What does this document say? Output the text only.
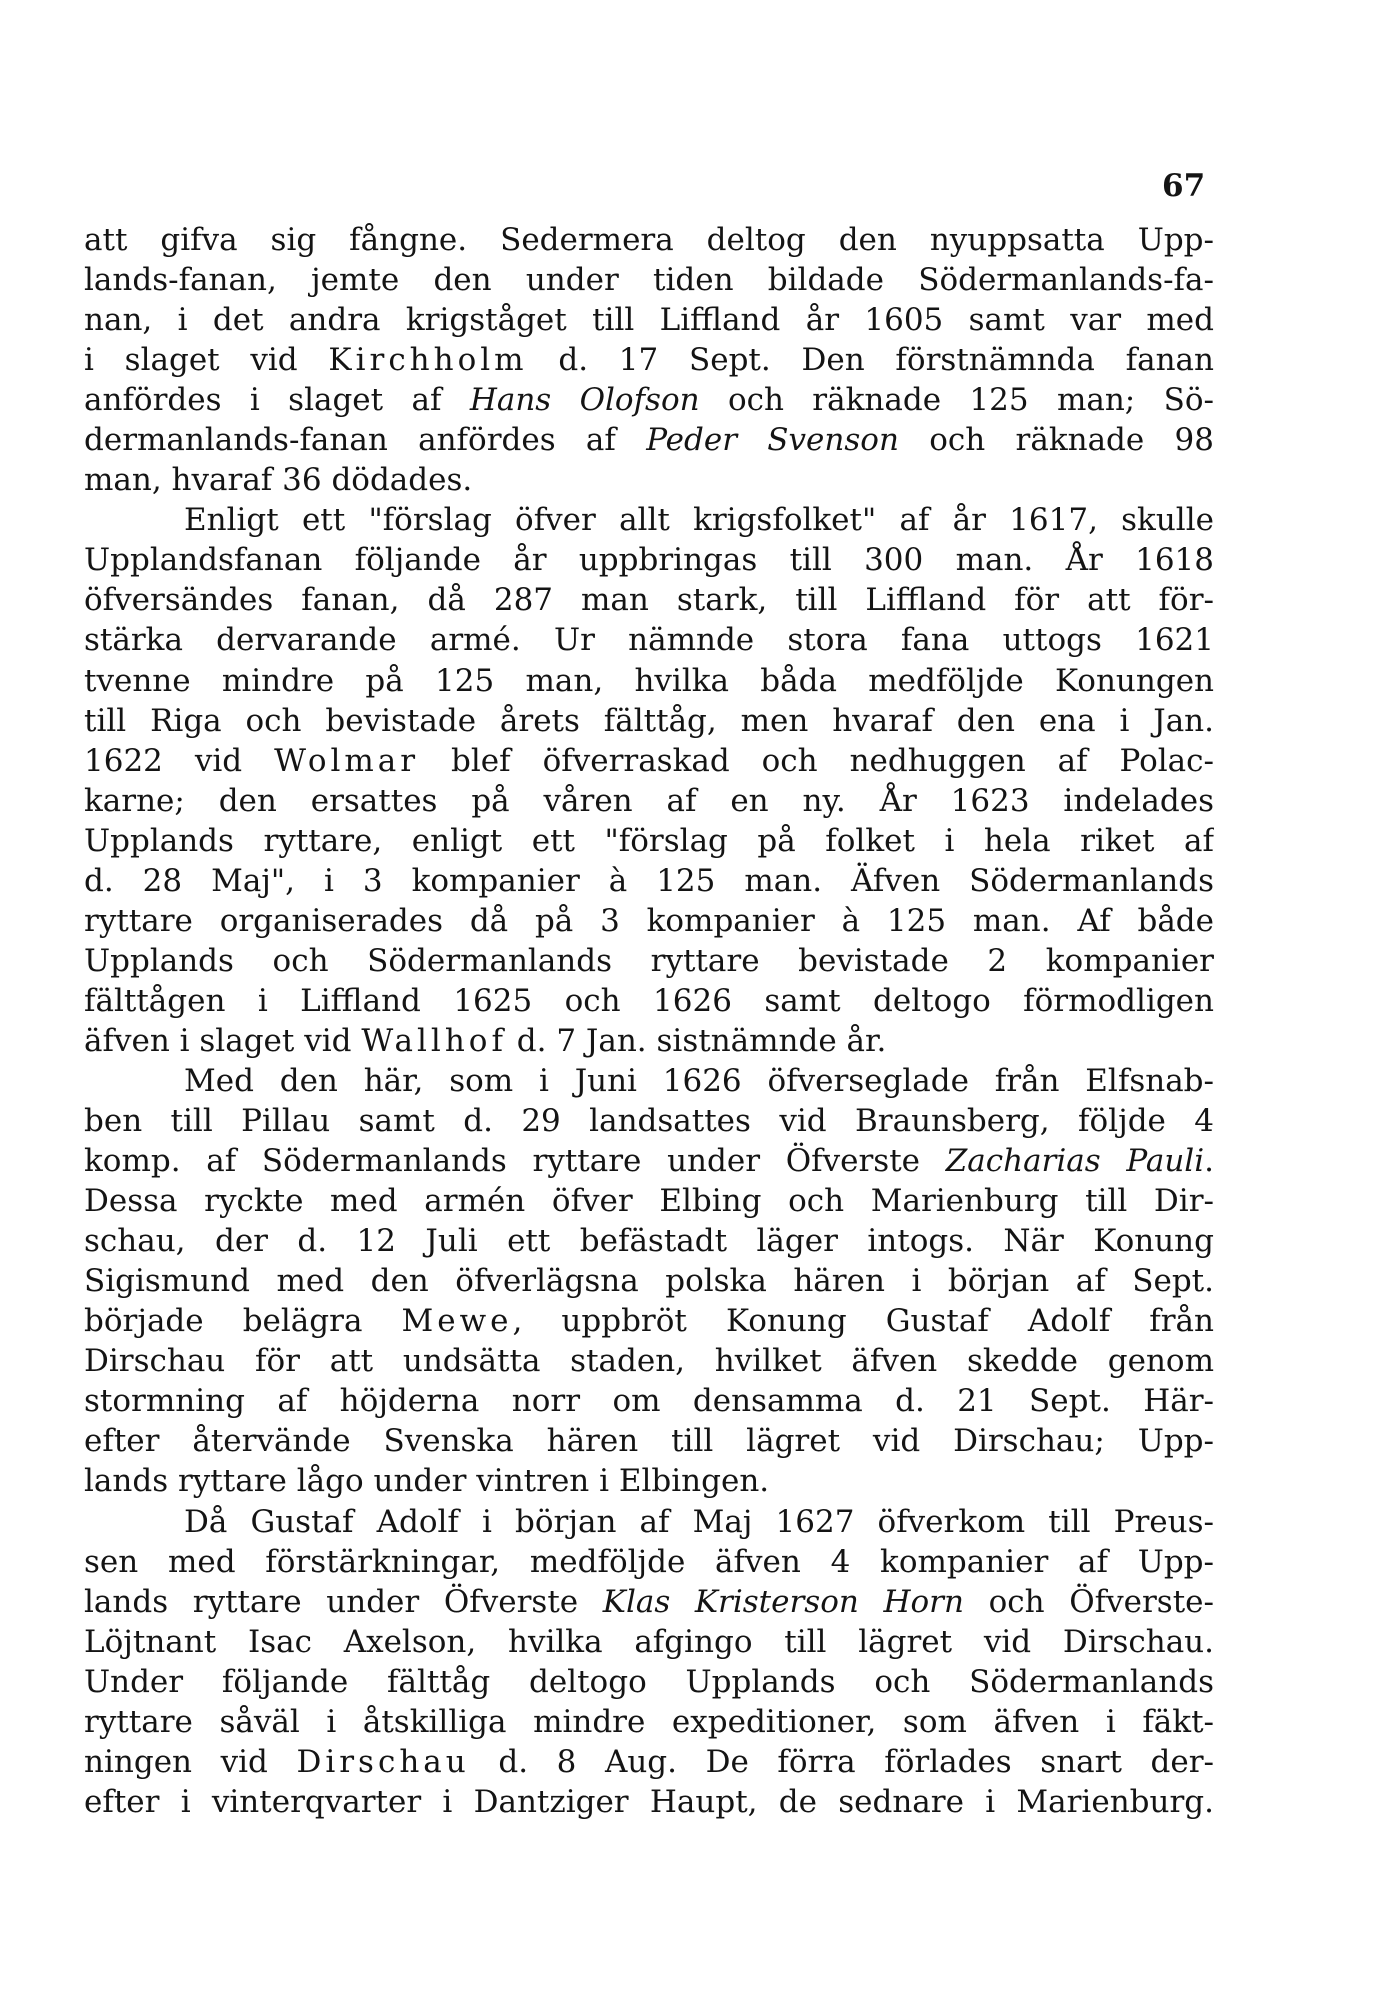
67
att gifva sig fångne. Sedermera deltog den nyuppsatta Upp-
lands-fanan, jemte den under tiden bildade Södermanlands-fa-
nan, i det andra krigståget till Liffland år 1605 samt var med
i slaget vid Kirchholm d. 17 Sept. Den förstnämnda fanan
anfördes i slaget af Hans Olofson och räknade 125 man; Sö-
dermanlands-fanan anfördes af Peder Svenson och räknade 98
man, hvaraf 36 dödades.
Enligt ett "förslag öfver allt krigsfolket" af år 1617, skulle
Upplandsfanan följande år uppbringas till 300 man. År 1618
öfversändes fanan, då 287 man stark, till Liffland för att för-
stärka dervarande armé. Ur nämnde stora fana uttogs 1621
tvenne mindre på 125 man, hvilka båda medföljde Konungen
till Riga och bevistade årets fälttåg, men hvaraf den ena i Jan.
1622 vid Wolmar blef öfverraskad och nedhuggen af Polac-
karne; den ersattes på våren af en ny. År 1623 indelades
Upplands ryttare, enligt ett "förslag på folket i hela riket af
d. 28 Maj", i 3 kompanier à 125 man. Äfven Södermanlands
ryttare organiserades då på 3 kompanier à 125 man. Af både
Upplands och Södermanlands ryttare bevistade 2 kompanier
fälttågen i Liffland 1625 och 1626 samt deltogo förmodligen
äfven i slaget vid Wallhof d. 7 Jan. sistnämnde år.
Med den här, som i Juni 1626 öfverseglade från Elfsnab-
ben till Pillau samt d. 29 landsattes vid Braunsberg, följde 4
komp. af Södermanlands ryttare under Öfverste Zacharias Pauli.
Dessa ryckte med armén öfver Elbing och Marienburg till Dir-
schau, der d. 12 Juli ett befästadt läger intogs. När Konung
Sigismund med den öfverlägsna polska hären i början af Sept.
började belägra Mewe, uppbröt Konung Gustaf Adolf från
Dirschau för att undsätta staden, hvilket äfven skedde genom
stormning af höjderna norr om densamma d. 21 Sept. Här-
efter återvände Svenska hären till lägret vid Dirschau; Upp-
lands ryttare lågo under vintren i Elbingen.
Då Gustaf Adolf i början af Maj 1627 öfverkom till Preus-
sen med förstärkningar, medföljde äfven 4 kompanier af Upp-
lands ryttare under Öfverste Klas Kristerson Horn och Öfverste-
Löjtnant Isac Axelson, hvilka afgingo till lägret vid Dirschau.
Under följande fälttåg deltogo Upplands och Södermanlands
ryttare såväl i åtskilliga mindre expeditioner, som äfven i fäkt-
ningen vid Dirschau d. 8 Aug. De förra förlades snart der-
efter i vinterqvarter i Dantziger Haupt, de sednare i Marienburg.
